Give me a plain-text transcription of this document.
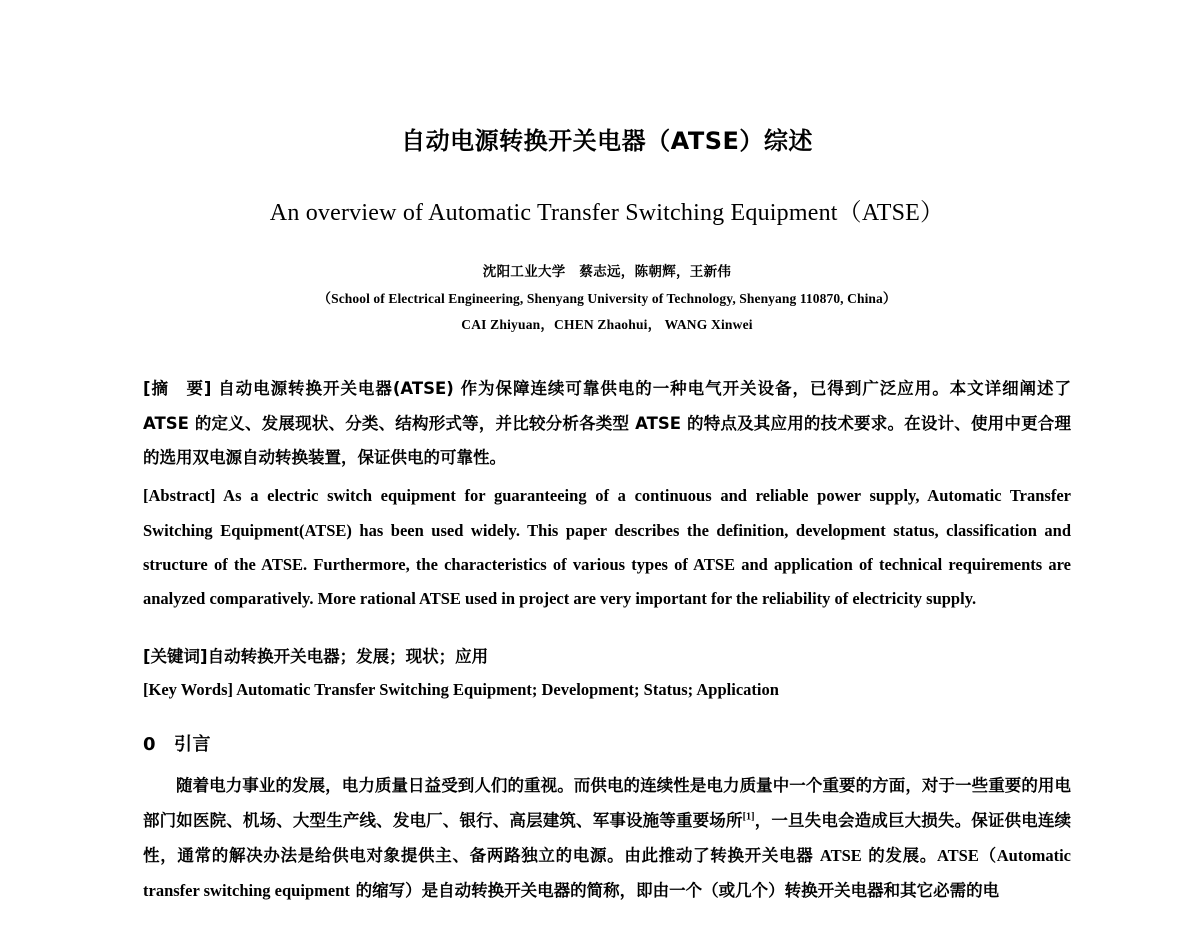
自动电源转换开关电器（ATSE）综述
An overview of Automatic Transfer Switching Equipment（ATSE）
沈阳工业大学　蔡志远，陈朝辉，王新伟
（School of Electrical Engineering, Shenyang University of Technology, Shenyang 110870, China）
CAI Zhiyuan，CHEN Zhaohui， WANG Xinwei

[摘　要] 自动电源转换开关电器(ATSE) 作为保障连续可靠供电的一种电气开关设备，已得到广泛应用。本文详细阐述了 ATSE 的定义、发展现状、分类、结构形式等，并比较分析各类型 ATSE 的特点及其应用的技术要求。在设计、使用中更合理的选用双电源自动转换装置，保证供电的可靠性。

[Abstract] As a electric switch equipment for guaranteeing of a continuous and reliable power supply, Automatic Transfer Switching Equipment(ATSE) has been used widely. This paper describes the definition, development status, classification and structure of the ATSE. Furthermore, the characteristics of various types of ATSE and application of technical requirements are analyzed comparatively. More rational ATSE used in project are very important for the reliability of electricity supply.

[关键词]自动转换开关电器；发展；现状；应用

[Key Words] Automatic Transfer Switching Equipment; Development; Status; Application

0 引言

随着电力事业的发展，电力质量日益受到人们的重视。而供电的连续性是电力质量中一个重要的方面，对于一些重要的用电部门如医院、机场、大型生产线、发电厂、银行、高层建筑、军事设施等重要场所[1]，一旦失电会造成巨大损失。保证供电连续性，通常的解决办法是给供电对象提供主、备两路独立的电源。由此推动了转换开关电器 ATSE 的发展。ATSE（Automatic transfer switching equipment 的缩写）是自动转换开关电器的简称，即由一个（或几个）转换开关电器和其它必需的电
